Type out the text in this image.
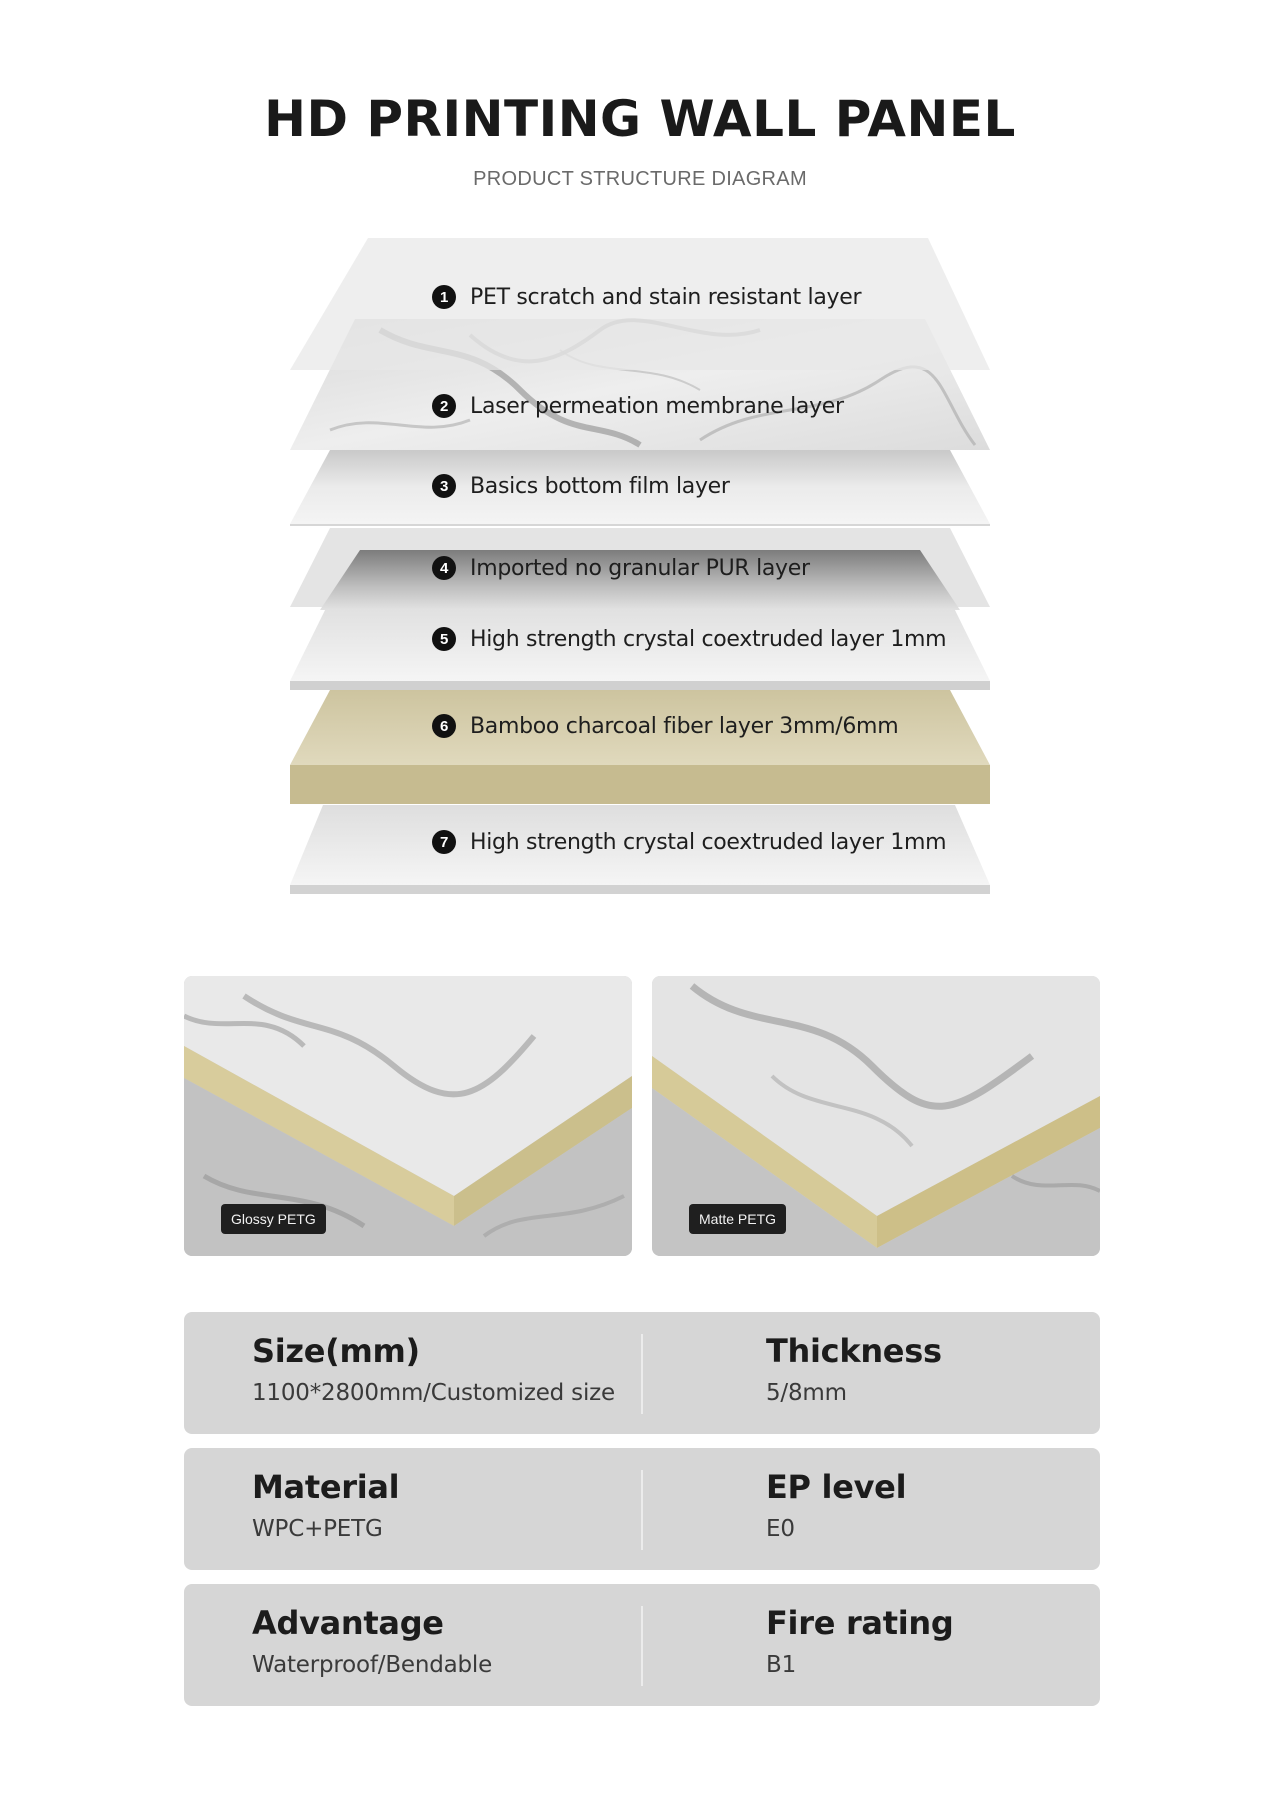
HD PRINTING WALL PANEL
PRODUCT STRUCTURE DIAGRAM
1 PET scratch and stain resistant layer
2 Laser permeation membrane layer
3 Basics bottom film layer
4 Imported no granular PUR layer
5 High strength crystal coextruded layer 1mm
6 Bamboo charcoal fiber layer 3mm/6mm
7 High strength crystal coextruded layer 1mm
Glossy PETG	Matte PETG
Size(mm)
1100*2800mm/Customized size
Thickness
5/8mm
Material
WPC+PETG
EP level
E0
Advantage
Waterproof/Bendable
Fire rating
B1
